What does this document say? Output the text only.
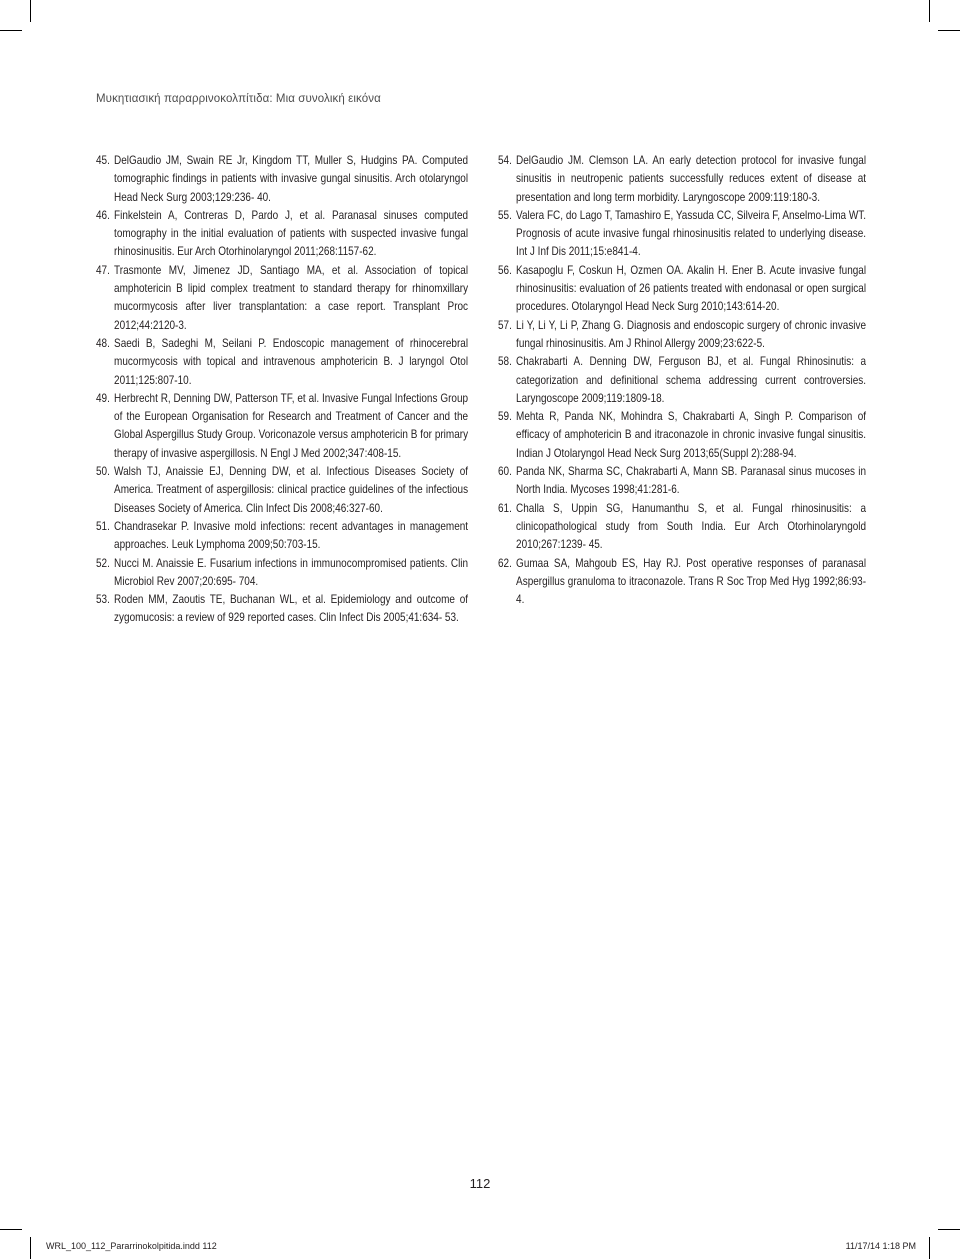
Μυκητιασική παραρρινοκολπίτιδα: Μια συνολική εικόνα
45. DelGaudio JM, Swain RE Jr, Kingdom TT, Muller S, Hudgins PA. Computed tomographic findings in patients with invasive gungal sinusitis. Arch otolaryngol Head Neck Surg 2003;129:236- 40.
46. Finkelstein A, Contreras D, Pardo J, et al. Paranasal sinuses computed tomography in the initial evaluation of patients with suspected invasive fungal rhinosinusitis. Eur Arch Otorhinolaryngol 2011;268:1157-62.
47. Trasmonte MV, Jimenez JD, Santiago MA, et al. Association of topical amphotericin B lipid complex treatment to standard therapy for rhinomxillary mucormycosis after liver transplantation: a case report. Transplant Proc 2012;44:2120-3.
48. Saedi B, Sadeghi M, Seilani P. Endoscopic management of rhinocerebral mucormycosis with topical and intravenous amphotericin B. J laryngol Otol 2011;125:807-10.
49. Herbrecht R, Denning DW, Patterson TF, et al. Invasive Fungal Infections Group of the European Organisation for Research and Treatment of Cancer and the Global Aspergillus Study Group. Voriconazole versus amphotericin B for primary therapy of invasive aspergillosis. N Engl J Med 2002;347:408-15.
50. Walsh TJ, Anaissie EJ, Denning DW, et al. Infectious Diseases Society of America. Treatment of aspergillosis: clinical practice guidelines of the infectious Diseases Society of America. Clin Infect Dis 2008;46:327-60.
51. Chandrasekar P. Invasive mold infections: recent advantages in management approaches. Leuk Lymphoma 2009;50:703-15.
52. Nucci M. Anaissie E. Fusarium infections in immunocompromised patients. Clin Microbiol Rev 2007;20:695- 704.
53. Roden MM, Zaoutis TE, Buchanan WL, et al. Epidemiology and outcome of zygomucosis: a review of 929 reported cases. Clin Infect Dis 2005;41:634- 53.
54. DelGaudio JM. Clemson LA. An early detection protocol for invasive fungal sinusitis in neutropenic patients successfully reduces extent of disease at presentation and long term morbidity. Laryngoscope 2009:119:180-3.
55. Valera FC, do Lago T, Tamashiro E, Yassuda CC, Silveira F, Anselmo-Lima WT. Prognosis of acute invasive fungal rhinosinusitis related to underlying disease. Int J Inf Dis 2011;15:e841-4.
56. Kasapoglu F, Coskun H, Ozmen OA. Akalin H. Ener B. Acute invasive fungal rhinosinusitis: evaluation of 26 patients treated with endonasal or open surgical procedures. Otolaryngol Head Neck Surg 2010;143:614-20.
57. Li Y, Li Y, Li P, Zhang G. Diagnosis and endoscopic surgery of chronic invasive fungal rhinosinusitis. Am J Rhinol Allergy 2009;23:622-5.
58. Chakrabarti A. Denning DW, Ferguson BJ, et al. Fungal Rhinosinutis: a categorization and definitional schema addressing current controversies. Laryngoscope 2009;119:1809-18.
59. Mehta R, Panda NK, Mohindra S, Chakrabarti A, Singh P. Comparison of efficacy of amphotericin B and itraconazole in chronic invasive fungal sinusitis. Indian J Otolaryngol Head Neck Surg 2013;65(Suppl 2):288-94.
60. Panda NK, Sharma SC, Chakrabarti A, Mann SB. Paranasal sinus mucoses in North India. Mycoses 1998;41:281-6.
61. Challa S, Uppin SG, Hanumanthu S, et al. Fungal rhinosinusitis: a clinicopathological study from South India. Eur Arch Otorhinolaryngold 2010;267:1239- 45.
62. Gumaa SA, Mahgoub ES, Hay RJ. Post operative responses of paranasal Aspergillus granuloma to itraconazole. Trans R Soc Trop Med Hyg 1992;86:93-4.
112
WRL_100_112_Pararrinokolpitida.indd 112	11/17/14 1:18 PM
